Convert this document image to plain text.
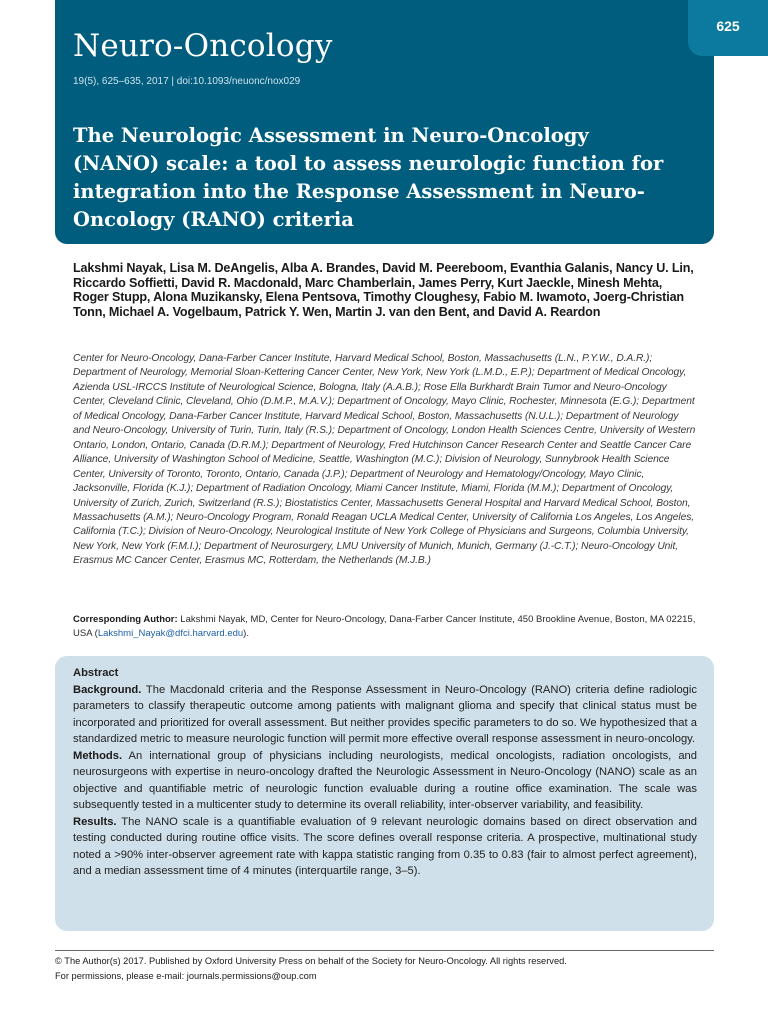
625
Neuro-Oncology
19(5), 625–635, 2017 | doi:10.1093/neuonc/nox029
The Neurologic Assessment in Neuro-Oncology (NANO) scale: a tool to assess neurologic function for integration into the Response Assessment in Neuro-Oncology (RANO) criteria
Lakshmi Nayak, Lisa M. DeAngelis, Alba A. Brandes, David M. Peereboom, Evanthia Galanis, Nancy U. Lin, Riccardo Soffietti, David R. Macdonald, Marc Chamberlain, James Perry, Kurt Jaeckle, Minesh Mehta, Roger Stupp, Alona Muzikansky, Elena Pentsova, Timothy Cloughesy, Fabio M. Iwamoto, Joerg-Christian Tonn, Michael A. Vogelbaum, Patrick Y. Wen, Martin J. van den Bent, and David A. Reardon
Center for Neuro-Oncology, Dana-Farber Cancer Institute, Harvard Medical School, Boston, Massachusetts (L.N., P.Y.W., D.A.R.); Department of Neurology, Memorial Sloan-Kettering Cancer Center, New York, New York (L.M.D., E.P.); Department of Medical Oncology, Azienda USL-IRCCS Institute of Neurological Science, Bologna, Italy (A.A.B.); Rose Ella Burkhardt Brain Tumor and Neuro-Oncology Center, Cleveland Clinic, Cleveland, Ohio (D.M.P., M.A.V.); Department of Oncology, Mayo Clinic, Rochester, Minnesota (E.G.); Department of Medical Oncology, Dana-Farber Cancer Institute, Harvard Medical School, Boston, Massachusetts (N.U.L.); Department of Neurology and Neuro-Oncology, University of Turin, Turin, Italy (R.S.); Department of Oncology, London Health Sciences Centre, University of Western Ontario, London, Ontario, Canada (D.R.M.); Department of Neurology, Fred Hutchinson Cancer Research Center and Seattle Cancer Care Alliance, University of Washington School of Medicine, Seattle, Washington (M.C.); Division of Neurology, Sunnybrook Health Science Center, University of Toronto, Toronto, Ontario, Canada (J.P.); Department of Neurology and Hematology/Oncology, Mayo Clinic, Jacksonville, Florida (K.J.); Department of Radiation Oncology, Miami Cancer Institute, Miami, Florida (M.M.); Department of Oncology, University of Zurich, Zurich, Switzerland (R.S.); Biostatistics Center, Massachusetts General Hospital and Harvard Medical School, Boston, Massachusetts (A.M.); Neuro-Oncology Program, Ronald Reagan UCLA Medical Center, University of California Los Angeles, Los Angeles, California (T.C.); Division of Neuro-Oncology, Neurological Institute of New York College of Physicians and Surgeons, Columbia University, New York, New York (F.M.I.); Department of Neurosurgery, LMU University of Munich, Munich, Germany (J.-C.T.); Neuro-Oncology Unit, Erasmus MC Cancer Center, Erasmus MC, Rotterdam, the Netherlands (M.J.B.)
Corresponding Author: Lakshmi Nayak, MD, Center for Neuro-Oncology, Dana-Farber Cancer Institute, 450 Brookline Avenue, Boston, MA 02215, USA (Lakshmi_Nayak@dfci.harvard.edu).

Abstract

Background. The Macdonald criteria and the Response Assessment in Neuro-Oncology (RANO) criteria define radiologic parameters to classify therapeutic outcome among patients with malignant glioma and specify that clinical status must be incorporated and prioritized for overall assessment. But neither provides specific parameters to do so. We hypothesized that a standardized metric to measure neurologic function will permit more effective overall response assessment in neuro-oncology.

Methods. An international group of physicians including neurologists, medical oncologists, radiation oncologists, and neurosurgeons with expertise in neuro-oncology drafted the Neurologic Assessment in Neuro-Oncology (NANO) scale as an objective and quantifiable metric of neurologic function evaluable during a routine office examination. The scale was subsequently tested in a multicenter study to determine its overall reliability, inter-observer variability, and feasibility.

Results. The NANO scale is a quantifiable evaluation of 9 relevant neurologic domains based on direct observation and testing conducted during routine office visits. The score defines overall response criteria. A prospective, multinational study noted a >90% inter-observer agreement rate with kappa statistic ranging from 0.35 to 0.83 (fair to almost perfect agreement), and a median assessment time of 4 minutes (interquartile range, 3–5).

© The Author(s) 2017. Published by Oxford University Press on behalf of the Society for Neuro-Oncology. All rights reserved.
For permissions, please e-mail: journals.permissions@oup.com
